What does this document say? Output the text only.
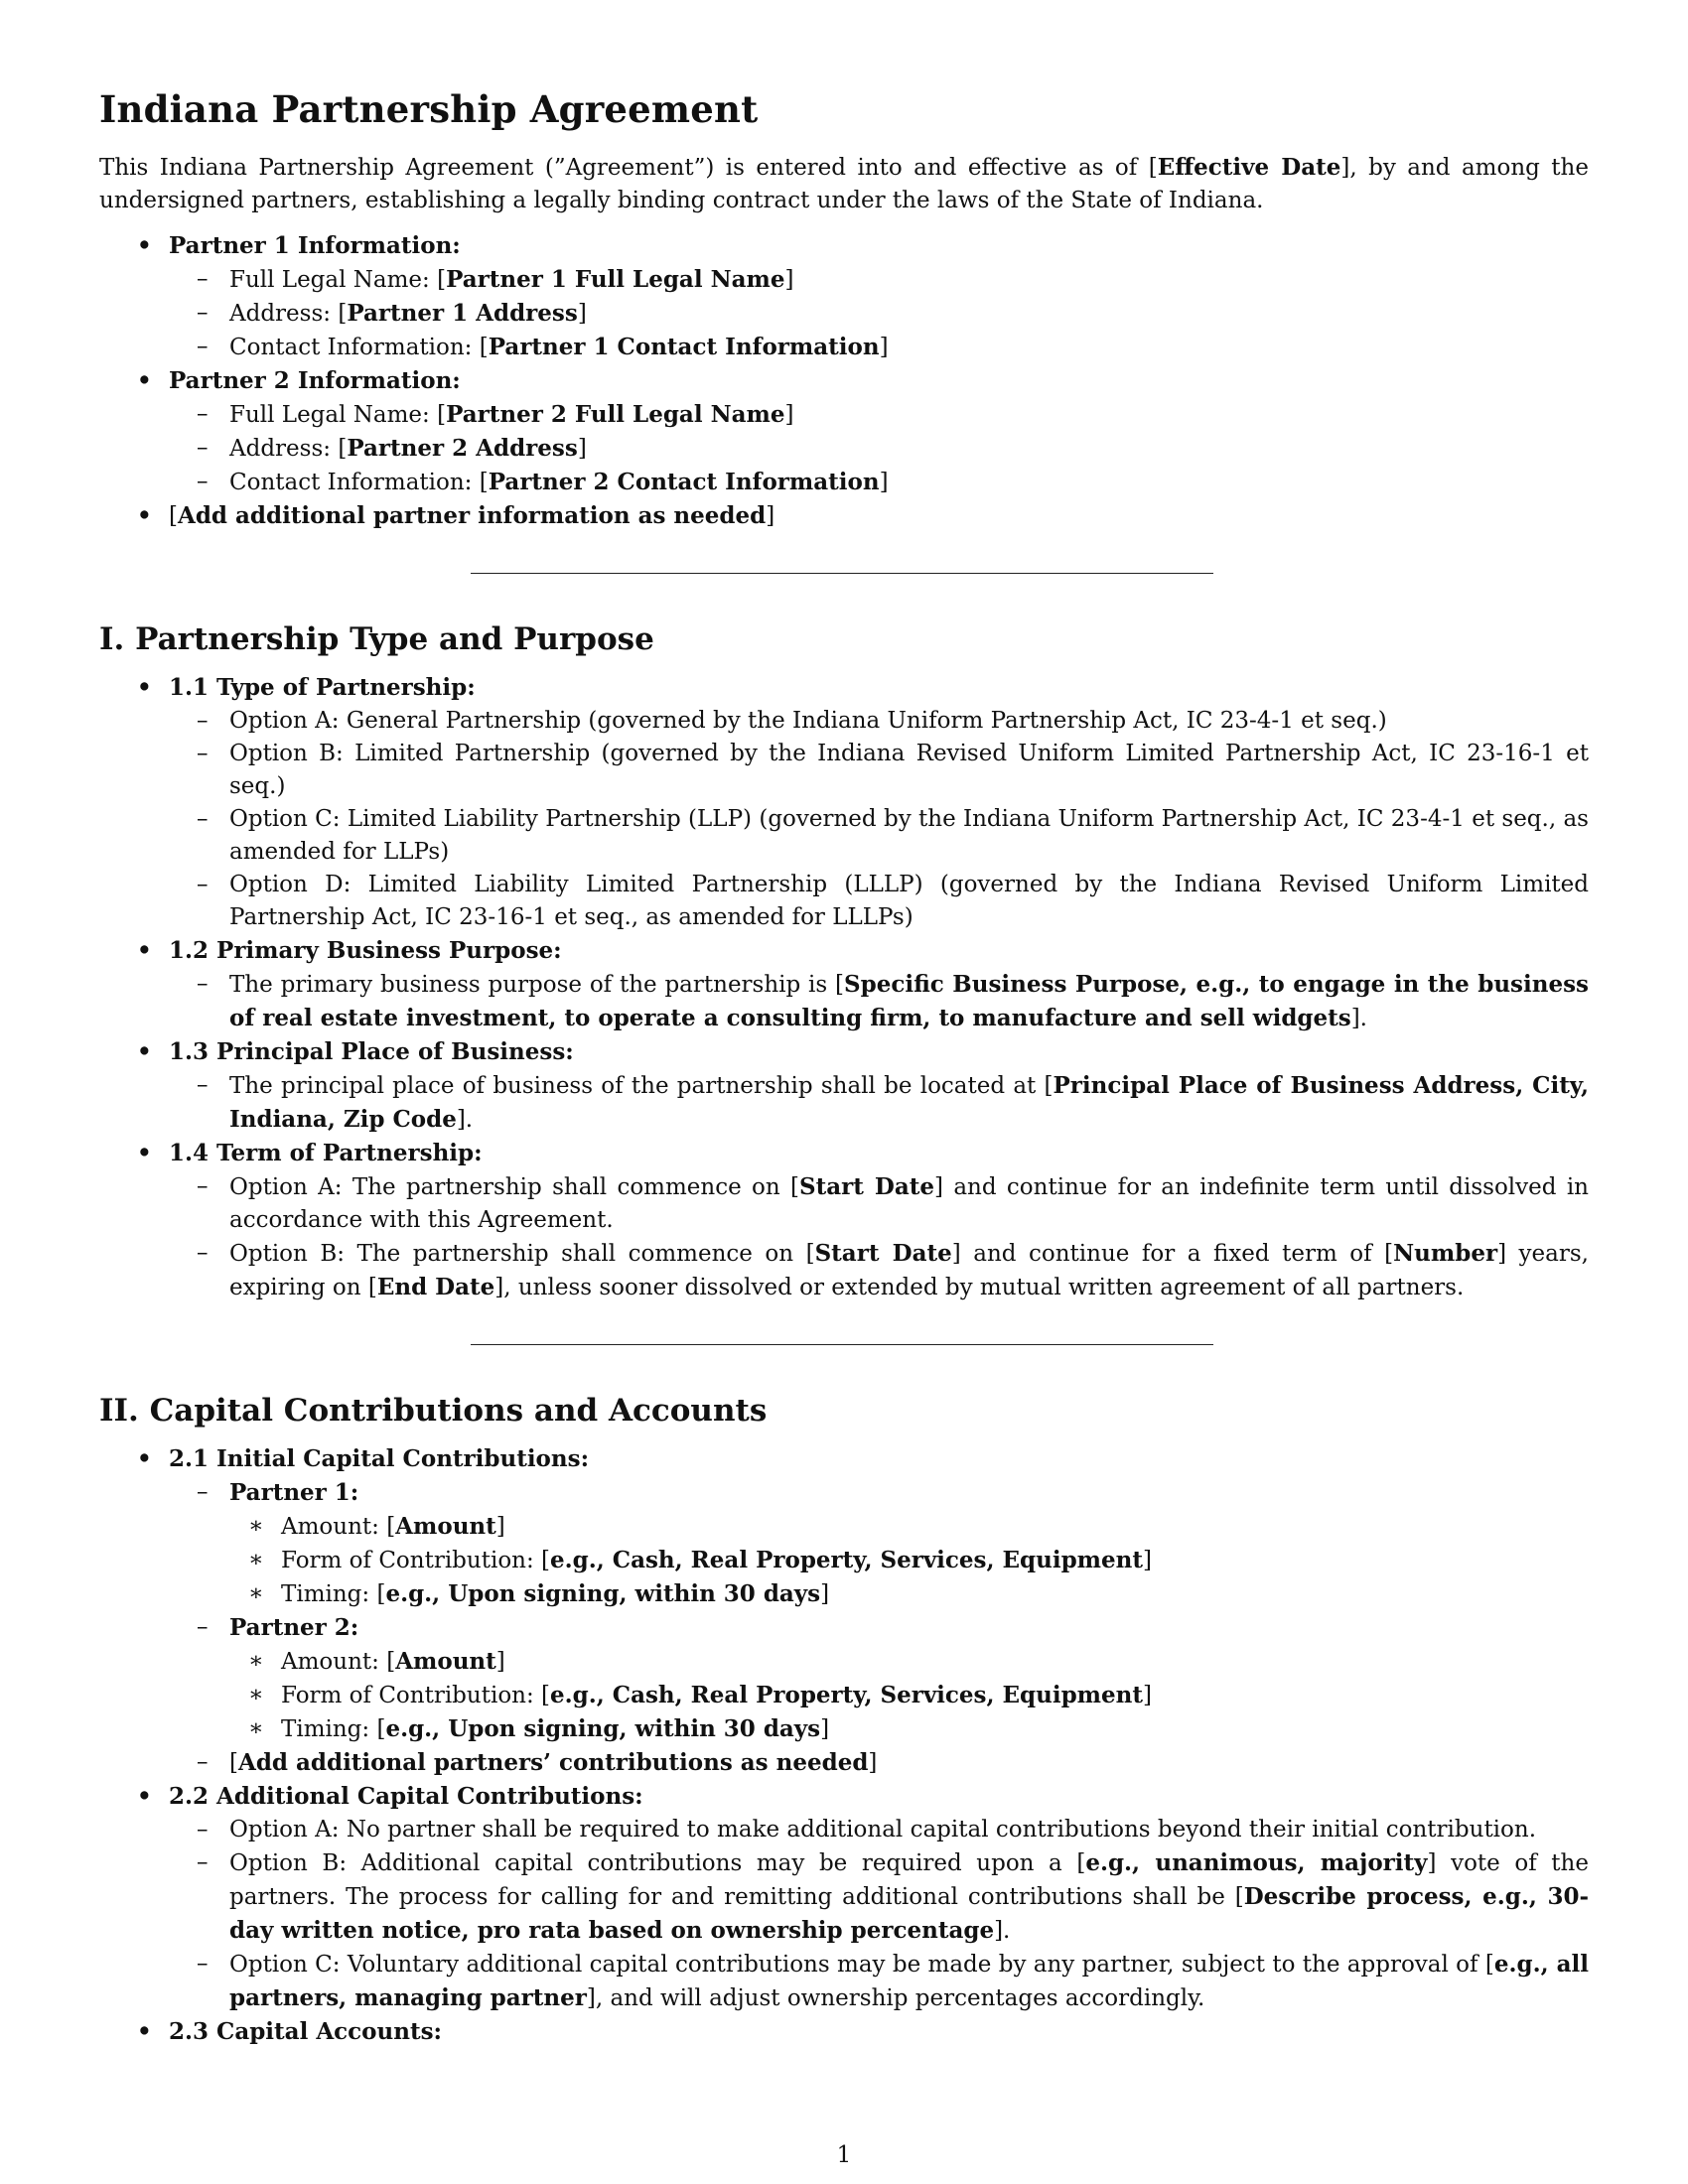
Indiana Partnership Agreement

This Indiana Partnership Agreement (”Agreement”) is entered into and effective as of [Effective Date], by and among the undersigned partners, establishing a legally binding contract under the laws of the State of Indiana.

• Partner 1 Information:
– Full Legal Name: [Partner 1 Full Legal Name]
– Address: [Partner 1 Address]
– Contact Information: [Partner 1 Contact Information]
• Partner 2 Information:
– Full Legal Name: [Partner 2 Full Legal Name]
– Address: [Partner 2 Address]
– Contact Information: [Partner 2 Contact Information]
• [Add additional partner information as needed]
I. Partnership Type and Purpose
• 1.1 Type of Partnership:
– Option A: General Partnership (governed by the Indiana Uniform Partnership Act, IC 23-4-1 et seq.)
– Option B: Limited Partnership (governed by the Indiana Revised Uniform Limited Partnership Act, IC 23-16-1 et seq.)
– Option C: Limited Liability Partnership (LLP) (governed by the Indiana Uniform Partnership Act, IC 23-4-1 et seq., as amended for LLPs)
– Option D: Limited Liability Limited Partnership (LLLP) (governed by the Indiana Revised Uniform Limited Partnership Act, IC 23-16-1 et seq., as amended for LLLPs)
• 1.2 Primary Business Purpose:
– The primary business purpose of the partnership is [Specific Business Purpose, e.g., to engage in the business of real estate investment, to operate a consulting firm, to manufacture and sell widgets].
• 1.3 Principal Place of Business:
– The principal place of business of the partnership shall be located at [Principal Place of Business Address, City, Indiana, Zip Code].
• 1.4 Term of Partnership:
– Option A: The partnership shall commence on [Start Date] and continue for an indefinite term until dissolved in accordance with this Agreement.
– Option B: The partnership shall commence on [Start Date] and continue for a fixed term of [Number] years, expiring on [End Date], unless sooner dissolved or extended by mutual written agreement of all partners.
II. Capital Contributions and Accounts
• 2.1 Initial Capital Contributions:
– Partner 1:
∗ Amount: [Amount]
∗ Form of Contribution: [e.g., Cash, Real Property, Services, Equipment]
∗ Timing: [e.g., Upon signing, within 30 days]
– Partner 2:
∗ Amount: [Amount]
∗ Form of Contribution: [e.g., Cash, Real Property, Services, Equipment]
∗ Timing: [e.g., Upon signing, within 30 days]
– [Add additional partners’ contributions as needed]
• 2.2 Additional Capital Contributions:
– Option A: No partner shall be required to make additional capital contributions beyond their initial contribution.
– Option B: Additional capital contributions may be required upon a [e.g., unanimous, majority] vote of the partners. The process for calling for and remitting additional contributions shall be [Describe process, e.g., 30-day written notice, pro rata based on ownership percentage].
– Option C: Voluntary additional capital contributions may be made by any partner, subject to the approval of [e.g., all partners, managing partner], and will adjust ownership percentages accordingly.
• 2.3 Capital Accounts:
1
